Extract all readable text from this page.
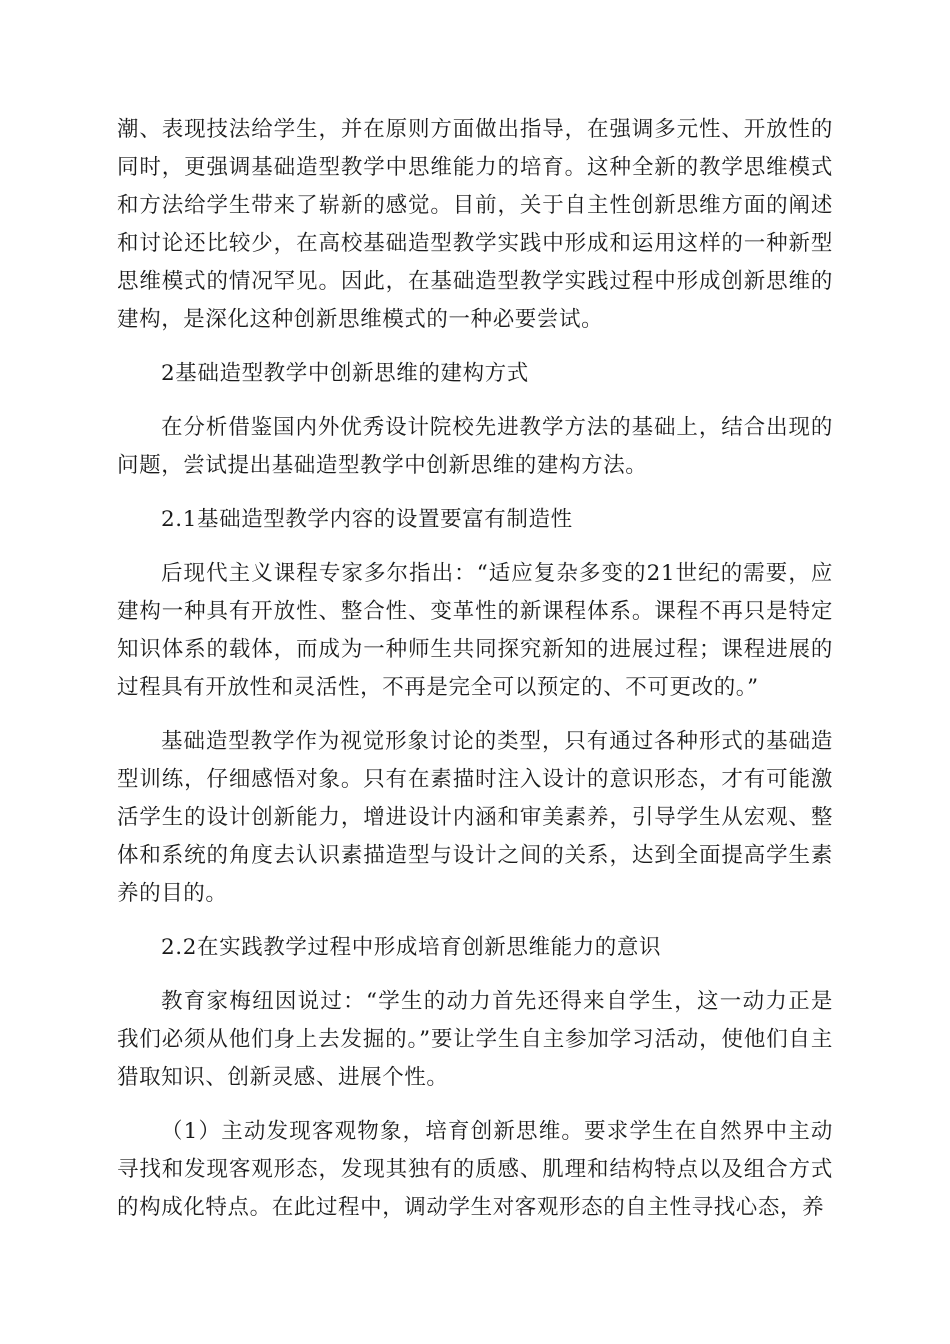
潮、表现技法给学生，并在原则方面做出指导，在强调多元性、开放性的同时，更强调基础造型教学中思维能力的培育。这种全新的教学思维模式和方法给学生带来了崭新的感觉。目前，关于自主性创新思维方面的阐述和讨论还比较少，在高校基础造型教学实践中形成和运用这样的一种新型思维模式的情况罕见。因此，在基础造型教学实践过程中形成创新思维的建构，是深化这种创新思维模式的一种必要尝试。

2基础造型教学中创新思维的建构方式

在分析借鉴国内外优秀设计院校先进教学方法的基础上，结合出现的问题，尝试提出基础造型教学中创新思维的建构方法。

2.1基础造型教学内容的设置要富有制造性

后现代主义课程专家多尔指出：“适应复杂多变的21世纪的需要，应建构一种具有开放性、整合性、变革性的新课程体系。课程不再只是特定知识体系的载体，而成为一种师生共同探究新知的进展过程；课程进展的过程具有开放性和灵活性，不再是完全可以预定的、不可更改的。”

基础造型教学作为视觉形象讨论的类型，只有通过各种形式的基础造型训练，仔细感悟对象。只有在素描时注入设计的意识形态，才有可能激活学生的设计创新能力，增进设计内涵和审美素养，引导学生从宏观、整体和系统的角度去认识素描造型与设计之间的关系，达到全面提高学生素养的目的。

2.2在实践教学过程中形成培育创新思维能力的意识

教育家梅纽因说过：“学生的动力首先还得来自学生，这一动力正是我们必须从他们身上去发掘的。”要让学生自主参加学习活动，使他们自主猎取知识、创新灵感、进展个性。

（1）主动发现客观物象，培育创新思维。要求学生在自然界中主动寻找和发现客观形态，发现其独有的质感、肌理和结构特点以及组合方式的构成化特点。在此过程中，调动学生对客观形态的自主性寻找心态，养
